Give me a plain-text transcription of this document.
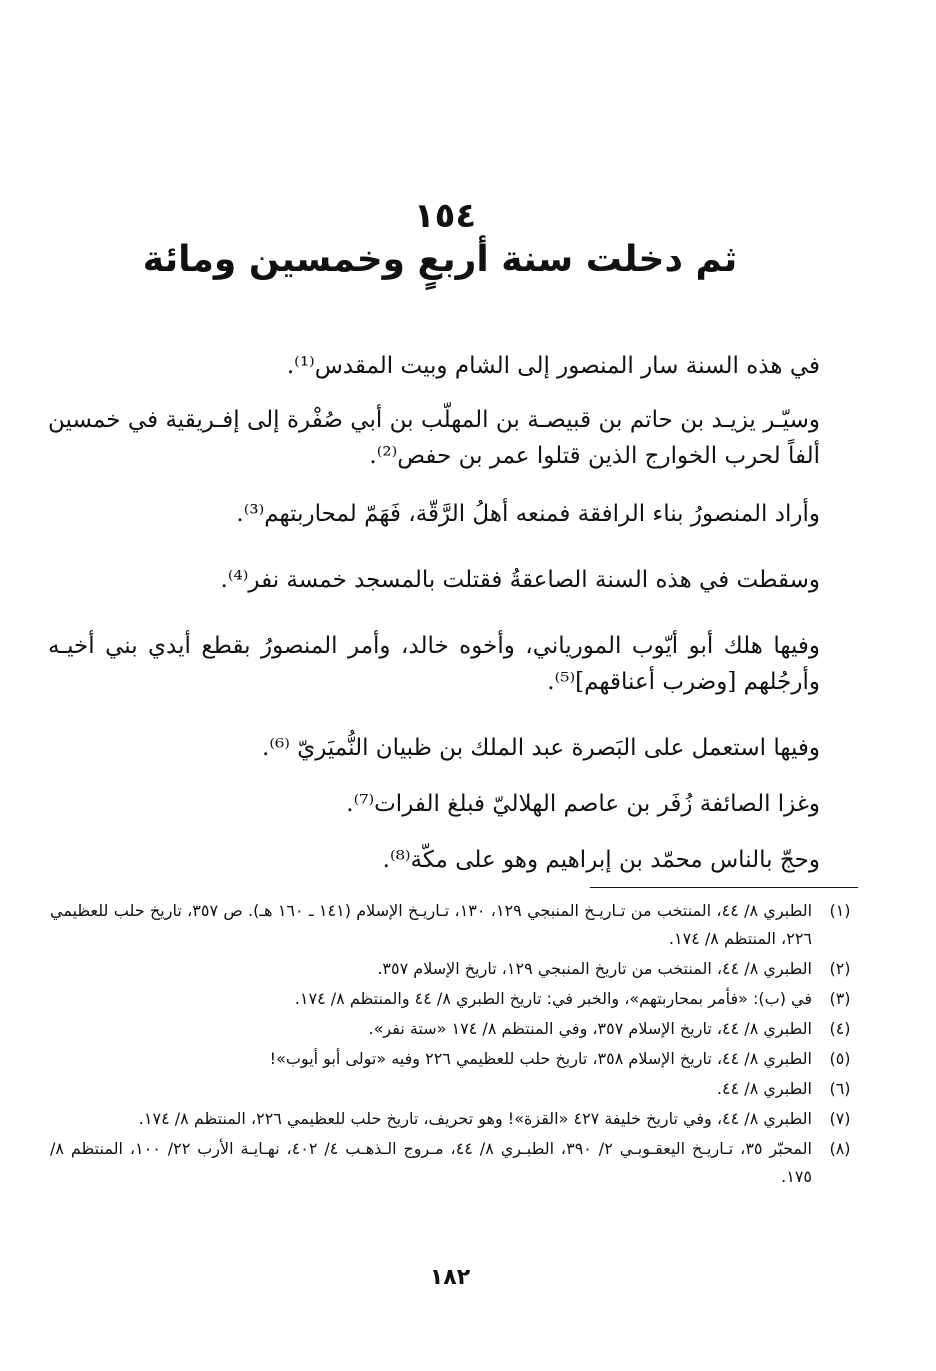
١٥٤
ثم دخلت سنة أربعٍ وخمسين ومائة

في هذه السنة سار المنصور إلى الشام وبيت المقدس⁽¹⁾.

وسيّـر يزيـد بن حاتم بن قبيصـة بن المهلّب بن أبي صُفْرة إلى إفـريقية في خمسين ألفاً لحرب الخوارج الذين قتلوا عمر بن حفص⁽²⁾.

وأراد المنصورُ بناء الرافقة فمنعه أهلُ الرَّقّة، فَهَمّ لمحاربتهم⁽³⁾.

وسقطت في هذه السنة الصاعقةُ فقتلت بالمسجد خمسة نفر⁽⁴⁾.

وفيها هلك أبو أيّوب المورياني، وأخوه خالد، وأمر المنصورُ بقطع أيدي بني أخيـه وأرجُلهم [وضرب أعناقهم]⁽⁵⁾.

وفيها استعمل على البَصرة عبد الملك بن ظبيان النُّميَريّ ⁽⁶⁾.

وغزا الصائفة زُفَر بن عاصم الهلاليّ فبلغ الفرات⁽⁷⁾.

وحجّ بالناس محمّد بن إبراهيم وهو على مكّة⁽⁸⁾.

(١)
الطبري ٨/ ٤٤، المنتخب من تـاريـخ المنبجي ١٢٩، ١٣٠، تـاريـخ الإسلام (١٤١ ـ ١٦٠ هـ). ص ٣٥٧، تاريخ حلب للعظيمي ٢٢٦، المنتظم ٨/ ١٧٤.
(٢)
الطبري ٨/ ٤٤، المنتخب من تاريخ المنبجي ١٢٩، تاريخ الإسلام ٣٥٧.
(٣)
في (ب): «فأمر بمحاربتهم»، والخبر في: تاريخ الطبري ٨/ ٤٤ والمنتظم ٨/ ١٧٤.
(٤)
الطبري ٨/ ٤٤، تاريخ الإسلام ٣٥٧، وفي المنتظم ٨/ ١٧٤ «ستة نفر».
(٥)
الطبري ٨/ ٤٤، تاريخ الإسلام ٣٥٨، تاريخ حلب للعظيمي ٢٢٦ وفيه «تولى أبو أيوب»!
(٦)
الطبري ٨/ ٤٤.
(٧)
الطبري ٨/ ٤٤، وفي تاريخ خليفة ٤٢٧ «القزة»! وهو تحريف، تاريخ حلب للعظيمي ٢٢٦، المنتظم ٨/ ١٧٤.
(٨)
المحبّر ٣٥، تـاريـخ اليعقـوبـي ٢/ ٣٩٠، الطبـري ٨/ ٤٤، مـروج الـذهـب ٤/ ٤٠٢، نهـايـة الأرب ٢٢/ ١٠٠، المنتظم ٨/ ١٧٥.
١٨٢
